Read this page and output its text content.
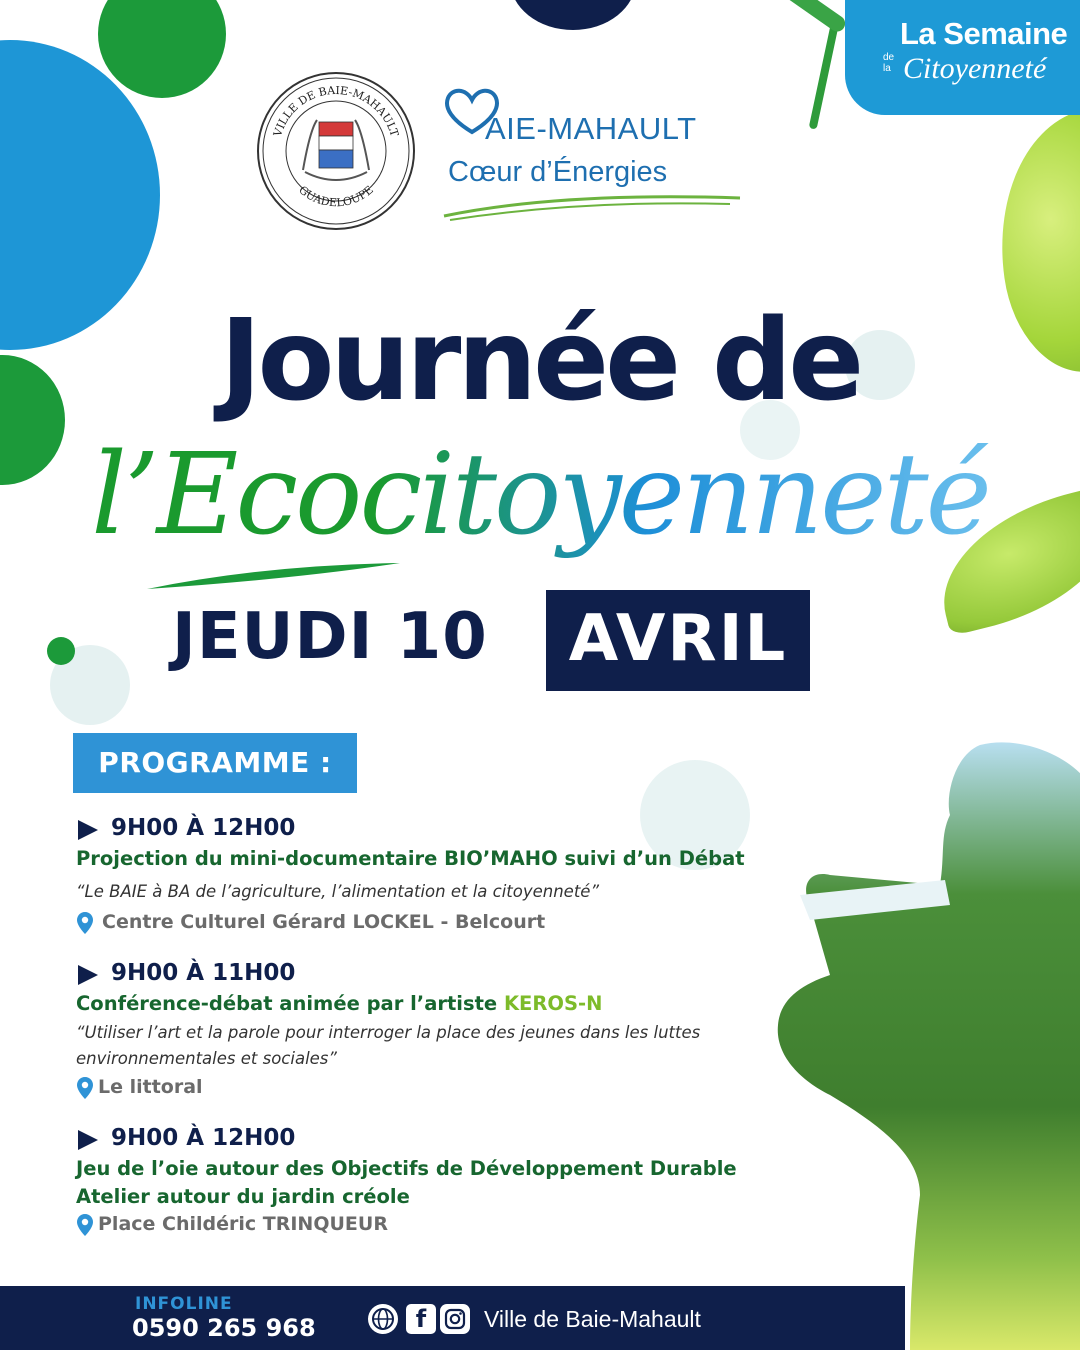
La Semaine
de
la Citoyenneté
VILLE DE BAIE-MAHAULT
GUADELOUPE
AIE-MAHAULT
Cœur d’Énergies
Journée de
l’Ecocitoyenneté
JEUDI 10	AVRIL
PROGRAMME :
9H00 À 12H00
Projection du mini-documentaire BIO’MAHO suivi d’un Débat
“Le BAIE à BA de l’agriculture, l’alimentation et la citoyenneté”
Centre Culturel Gérard LOCKEL - Belcourt
9H00 À 11H00
Conférence-débat animée par l’artiste KEROS-N
“Utiliser l’art et la parole pour interroger la place des jeunes dans les luttes environnementales et sociales”
Le littoral
9H00 À 12H00
Jeu de l’oie autour des Objectifs de Développement Durable
Atelier autour du jardin créole
Place Childéric TRINQUEUR
INFOLINE
0590 265 968	f	Ville de Baie-Mahault
